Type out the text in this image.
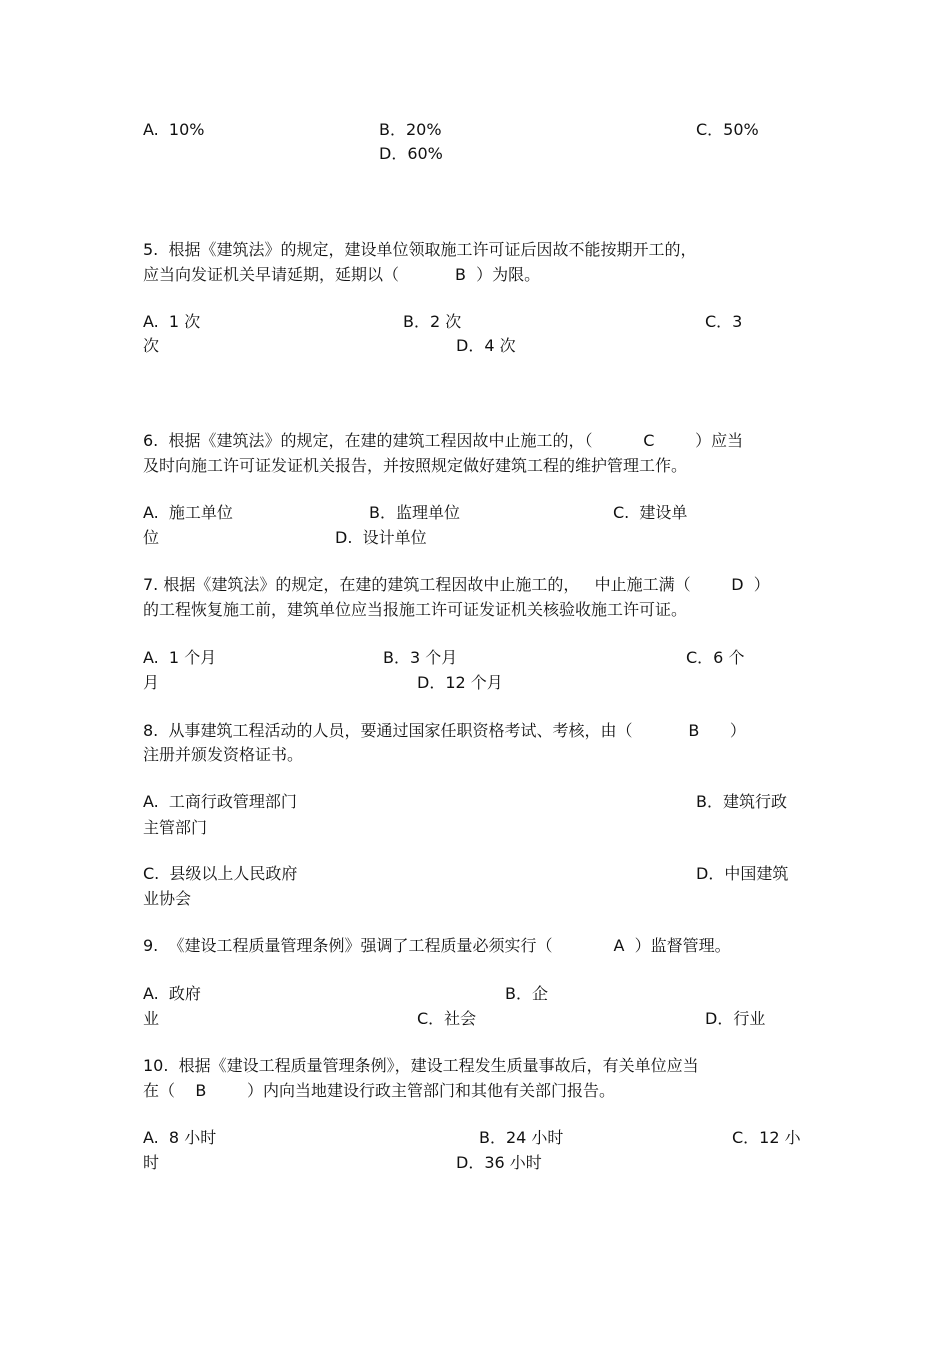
A.  10%	B．20%	C．50%
D．60%
5.  根据《建筑法》的规定，建设单位领取施工许可证后因故不能按期开工的，
应当向发证机关早请延期，延期以（           B  ）为限。
A.  1 次	B．2 次	C．3
次	D．4 次
6.  根据《建筑法》的规定，在建的建筑工程因故中止施工的，（          C        ）应当
及时向施工许可证发证机关报告，并按照规定做好建筑工程的维护管理工作。
A.  施工单位	B．监理单位	C.  建设单
位	D.  设计单位
7. 根据《建筑法》的规定，在建的建筑工程因故中止施工的，   中止施工满（        D  ）
的工程恢复施工前，建筑单位应当报施工许可证发证机关核验收施工许可证。
A.  1 个月	B．3 个月	C．6 个
月	D．12 个月
8.  从事建筑工程活动的人员，要通过国家任职资格考试、考核，由（           B      ）
注册并颁发资格证书。
A.  工商行政管理部门	B．建筑行政
主管部门
C.  县级以上人民政府	D．中国建筑
业协会
9.  《建设工程质量管理条例》强调了工程质量必须实行（            A  ）监督管理。
A.  政府	B．企
业	C．社会	D．行业
10.  根据《建设工程质量管理条例》，建设工程发生质量事故后，有关单位应当
在（    B        ）内向当地建设行政主管部门和其他有关部门报告。
A.  8 小时	B．24 小时	C．12 小
时	D．36 小时
